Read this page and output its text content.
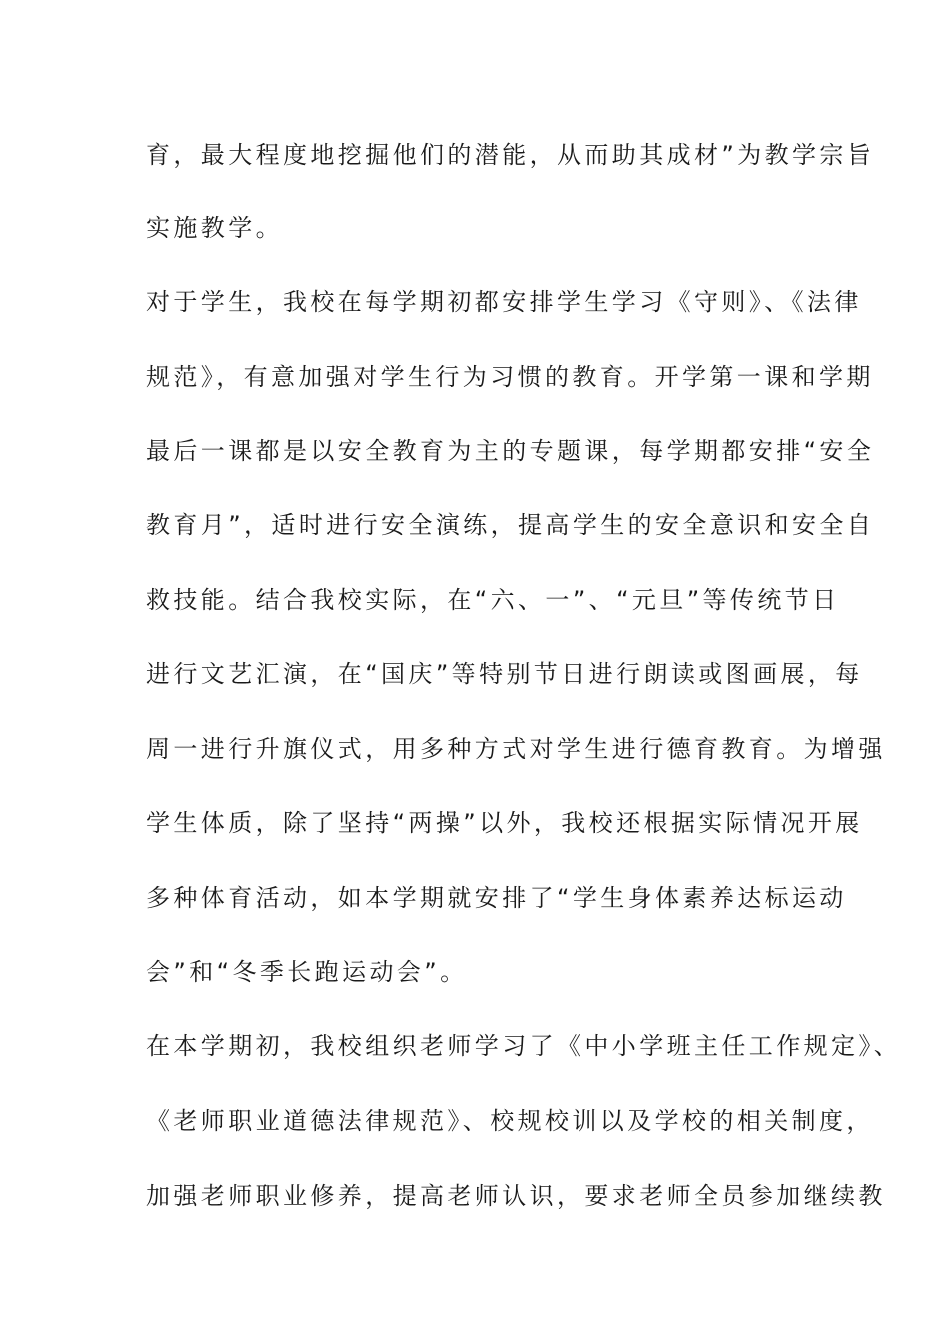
育，最大程度地挖掘他们的潜能，从而助其成材”为教学宗旨
实施教学。
对于学生，我校在每学期初都安排学生学习《守则》、《法律
规范》，有意加强对学生行为习惯的教育。开学第一课和学期
最后一课都是以安全教育为主的专题课，每学期都安排“安全
教育月”，适时进行安全演练，提高学生的安全意识和安全自
救技能。结合我校实际，在“六、一”、“元旦”等传统节日
进行文艺汇演，在“国庆”等特别节日进行朗读或图画展，每
周一进行升旗仪式，用多种方式对学生进行德育教育。为增强
学生体质，除了坚持“两操”以外，我校还根据实际情况开展
多种体育活动，如本学期就安排了“学生身体素养达标运动
会”和“冬季长跑运动会”。
在本学期初，我校组织老师学习了《中小学班主任工作规定》、
《老师职业道德法律规范》、校规校训以及学校的相关制度，
加强老师职业修养，提高老师认识，要求老师全员参加继续教
